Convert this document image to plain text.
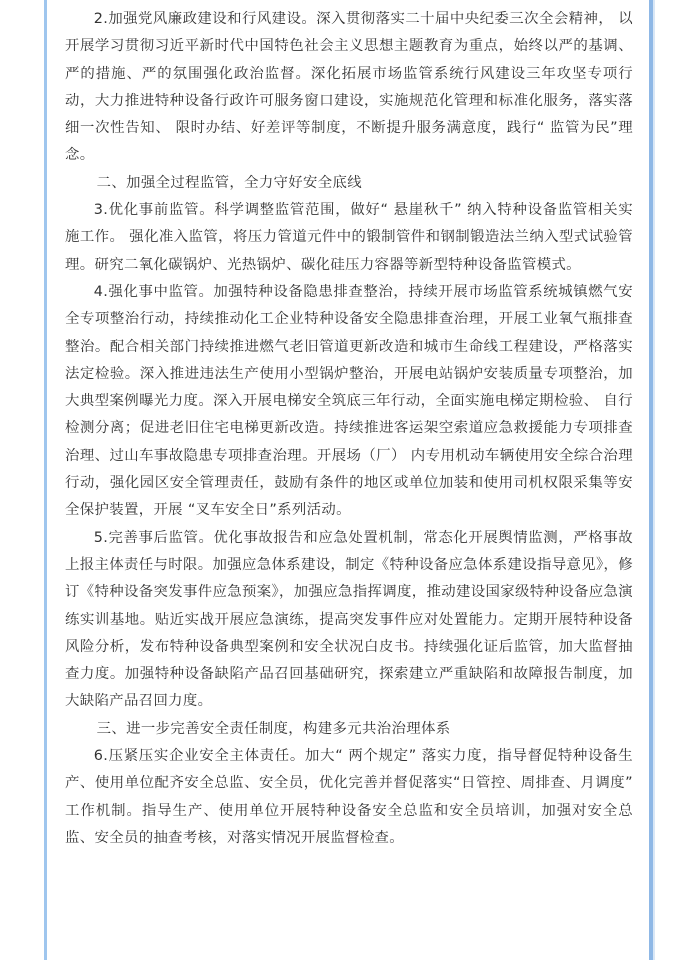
2.加强党风廉政建设和行风建设。深入贯彻落实二十届中央纪委三次全会精神， 以开展学习贯彻习近平新时代中国特色社会主义思想主题教育为重点，始终以严的基调、严的措施、严的氛围强化政治监督。深化拓展市场监管系统行风建设三年攻坚专项行动，大力推进特种设备行政许可服务窗口建设，实施规范化管理和标准化服务，落实落细一次性告知、 限时办结、好差评等制度，不断提升服务满意度，践行“ 监管为民”理念。

二、加强全过程监管，全力守好安全底线

3.优化事前监管。科学调整监管范围，做好“ 悬崖秋千” 纳入特种设备监管相关实施工作。 强化准入监管，将压力管道元件中的锻制管件和钢制锻造法兰纳入型式试验管理。研究二氧化碳锅炉、光热锅炉、碳化硅压力容器等新型特种设备监管模式。

4.强化事中监管。加强特种设备隐患排查整治，持续开展市场监管系统城镇燃气安全专项整治行动，持续推动化工企业特种设备安全隐患排查治理，开展工业氧气瓶排查整治。配合相关部门持续推进燃气老旧管道更新改造和城市生命线工程建设，严格落实法定检验。深入推进违法生产使用小型锅炉整治，开展电站锅炉安装质量专项整治，加大典型案例曝光力度。深入开展电梯安全筑底三年行动，全面实施电梯定期检验、 自行检测分离；促进老旧住宅电梯更新改造。持续推进客运架空索道应急救援能力专项排查治理、过山车事故隐患专项排查治理。开展场（厂） 内专用机动车辆使用安全综合治理行动，强化园区安全管理责任，鼓励有条件的地区或单位加装和使用司机权限采集等安全保护装置，开展 “叉车安全日”系列活动。

5.完善事后监管。优化事故报告和应急处置机制，常态化开展舆情监测，严格事故上报主体责任与时限。加强应急体系建设，制定《特种设备应急体系建设指导意见》，修订《特种设备突发事件应急预案》，加强应急指挥调度，推动建设国家级特种设备应急演练实训基地。贴近实战开展应急演练，提高突发事件应对处置能力。定期开展特种设备风险分析，发布特种设备典型案例和安全状况白皮书。持续强化证后监管，加大监督抽查力度。加强特种设备缺陷产品召回基础研究，探索建立严重缺陷和故障报告制度，加大缺陷产品召回力度。

三、进一步完善安全责任制度，构建多元共治治理体系

6.压紧压实企业安全主体责任。加大“ 两个规定” 落实力度，指导督促特种设备生产、使用单位配齐安全总监、安全员，优化完善并督促落实“日管控、周排查、月调度” 工作机制。指导生产、使用单位开展特种设备安全总监和安全员培训，加强对安全总监、安全员的抽查考核，对落实情况开展监督检查。
